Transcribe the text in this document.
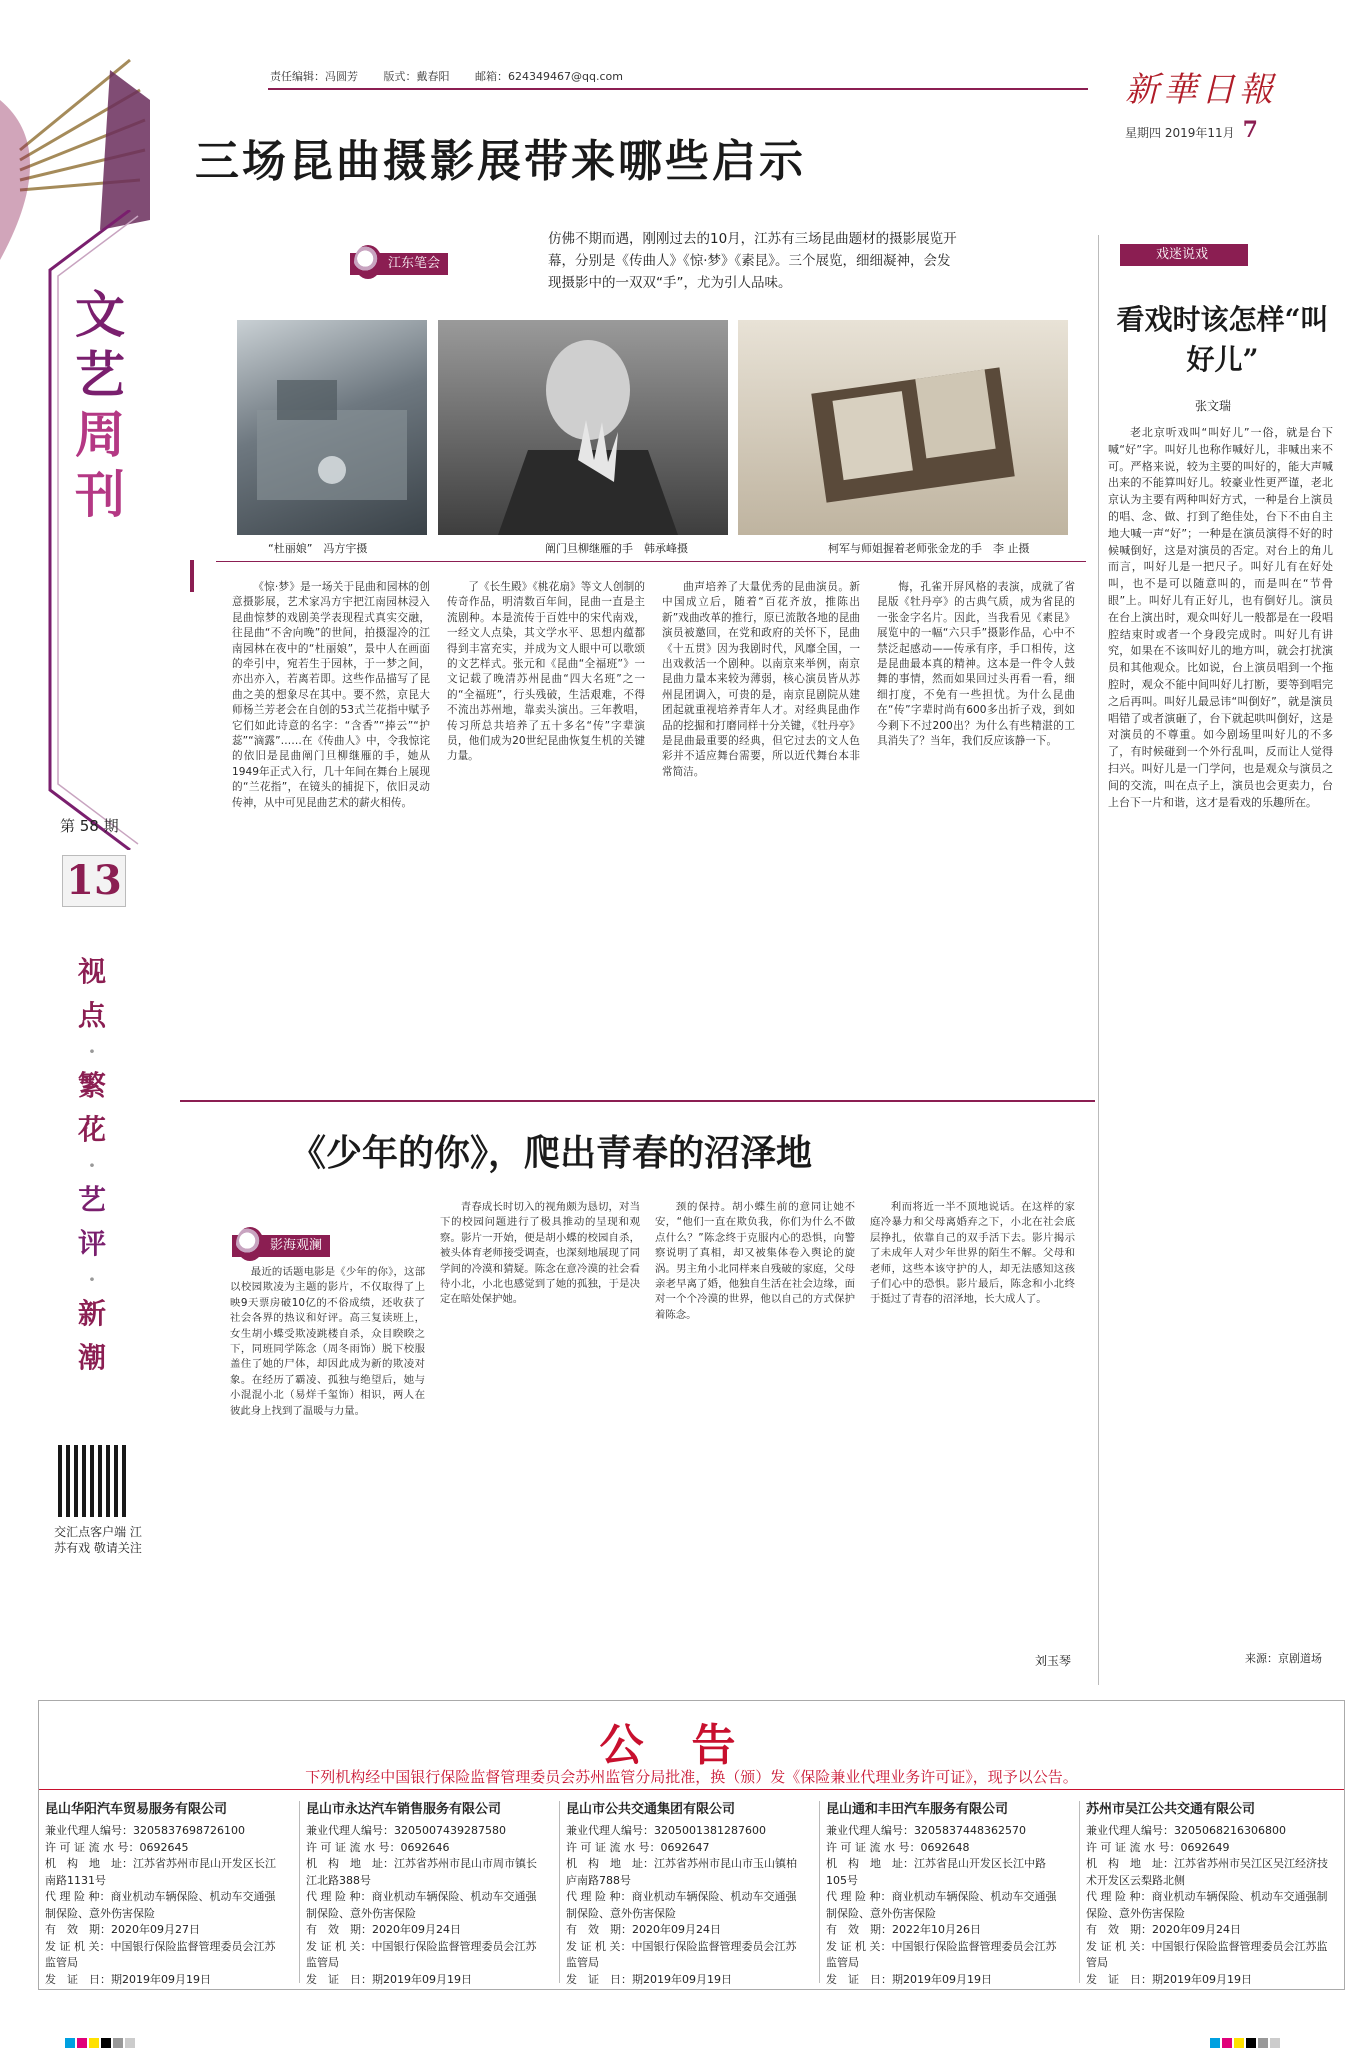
责任编辑：冯圆芳 版式：戴春阳 邮箱：624349467@qq.com	新華日報
星期四 2019年11月 7
文
艺
周
刊
第 58 期
13
视
点
·
繁
花
·
艺
评
·
新
潮
交汇点客户端 江苏有戏 敬请关注
三场昆曲摄影展带来哪些启示
江东笔会
仿佛不期而遇，刚刚过去的10月，江苏有三场昆曲题材的摄影展览开幕，分别是《传曲人》《惊·梦》《素昆》。三个展览，细细凝神，会发现摄影中的一双双“手”，尤为引人品味。
“杜丽娘”　冯方宇摄	阐门旦柳继雁的手　韩承峰摄	柯军与师姐握着老师张金龙的手　李 止摄

《惊·梦》是一场关于昆曲和园林的创意摄影展，艺术家冯方宇把江南园林浸入昆曲惊梦的戏剧美学表现程式真实交融，往昆曲“不舍向晚”的世间，拍摄湿冷的江南园林在夜中的“杜丽娘”，景中人在画面的牵引中，宛若生于园林，于一梦之间，亦出亦入，若离若即。这些作品描写了昆曲之美的想象尽在其中。要不然，京昆大师杨兰芳老会在自创的53式兰花指中赋予它们如此诗意的名字：“含香”“捧云”“护蕊”“滴露”……在《传曲人》中，令我惊诧的依旧是昆曲阐门旦柳继雁的手，她从1949年正式入行，几十年间在舞台上展现的“兰花指”，在镜头的捕捉下，依旧灵动传神，从中可见昆曲艺术的薪火相传。

了《长生殿》《桃花扇》等文人创制的传奇作品，明清数百年间，昆曲一直是主流剧种。本是流传于百姓中的宋代南戏，一经文人点染，其文学水平、思想内蕴都得到丰富充实，并成为文人眼中可以歌颂的文艺样式。张元和《昆曲“全福班”》一文记载了晚清苏州昆曲“四大名班”之一的“全福班”，行头残破，生活艰难，不得不流出苏州地，靠卖头演出。三年教唱，传习所总共培养了五十多名“传”字辈演员，他们成为20世纪昆曲恢复生机的关键力量。

曲声培养了大量优秀的昆曲演员。新中国成立后，随着“百花齐放，推陈出新”戏曲改革的推行，原已流散各地的昆曲演员被邀回，在党和政府的关怀下，昆曲《十五贯》因为我剧时代，风靡全国，一出戏救活一个剧种。以南京来举例，南京昆曲力量本来较为薄弱，核心演员皆从苏州昆团调入，可贵的是，南京昆剧院从建团起就重视培养青年人才。对经典昆曲作品的挖掘和打磨同样十分关键，《牡丹亭》是昆曲最重要的经典，但它过去的文人色彩并不适应舞台需要，所以近代舞台本非常简洁。

悔，孔雀开屏风格的表演，成就了省昆版《牡丹亭》的古典气质，成为省昆的一张金字名片。因此，当我看见《素昆》展览中的一幅“六只手”摄影作品，心中不禁泛起感动——传承有序，手口相传，这是昆曲最本真的精神。这本是一件令人鼓舞的事情，然而如果回过头再看一看，细细打度，不免有一些担忧。为什么昆曲在“传”字辈时尚有600多出折子戏，到如今剩下不过200出？为什么有些精湛的工具消失了？当年，我们反应该静一下。

《少年的你》，爬出青春的沼泽地
影海观澜

最近的话题电影是《少年的你》，这部以校园欺凌为主题的影片，不仅取得了上映9天票房破10亿的不俗成绩，还收获了社会各界的热议和好评。高三复读班上，女生胡小蝶受欺凌跳楼自杀，众目睽睽之下，同班同学陈念（周冬雨饰）脱下校服盖住了她的尸体，却因此成为新的欺凌对象。在经历了霸凌、孤独与绝望后，她与小混混小北（易烊千玺饰）相识，两人在彼此身上找到了温暖与力量。

青春成长时切入的视角颇为恳切，对当下的校园问题进行了极具推动的呈现和观察。影片一开始，便是胡小蝶的校园自杀，被头体育老师接受调查，也深刻地展现了同学间的冷漠和猜疑。陈念在意冷漠的社会看待小北，小北也感觉到了她的孤独，于是决定在暗处保护她。

颈的保持。胡小蝶生前的意同让她不安，“他们一直在欺负我，你们为什么不做点什么？”陈念终于克服内心的恐惧，向警察说明了真相，却又被集体卷入舆论的旋涡。男主角小北同样来自残破的家庭，父母亲老早离了婚，他独自生活在社会边缘，面对一个个冷漠的世界，他以自己的方式保护着陈念。

利而将近一半不顶地说话。在这样的家庭冷暴力和父母离婚弃之下，小北在社会底层挣扎，依靠自己的双手活下去。影片揭示了未成年人对少年世界的陌生不解。父母和老师，这些本该守护的人，却无法感知这孩子们心中的恐惧。影片最后，陈念和小北终于挺过了青春的沼泽地，长大成人了。

刘玉琴
戏迷说戏
看戏时该怎样“叫好儿”
张文瑞

老北京听戏叫“叫好儿”一俗，就是台下喊“好”字。叫好儿也称作喊好儿，非喊出来不可。严格来说，较为主要的叫好的，能大声喊出来的不能算叫好儿。较豪业性更严谨，老北京认为主要有两种叫好方式，一种是台上演员的唱、念、做、打到了绝佳处，台下不由自主地大喊一声“好”；一种是在演员演得不好的时候喊倒好，这是对演员的否定。对台上的角儿而言，叫好儿是一把尺子。叫好儿有在好处叫，也不是可以随意叫的，而是叫在“节骨眼”上。叫好儿有正好儿，也有倒好儿。演员在台上演出时，观众叫好儿一般都是在一段唱腔结束时或者一个身段完成时。叫好儿有讲究，如果在不该叫好儿的地方叫，就会打扰演员和其他观众。比如说，台上演员唱到一个拖腔时，观众不能中间叫好儿打断，要等到唱完之后再叫。叫好儿最忌讳“叫倒好”，就是演员唱错了或者演砸了，台下就起哄叫倒好，这是对演员的不尊重。如今剧场里叫好儿的不多了，有时候碰到一个外行乱叫，反而让人觉得扫兴。叫好儿是一门学问，也是观众与演员之间的交流，叫在点子上，演员也会更卖力，台上台下一片和谐，这才是看戏的乐趣所在。

来源：京剧道场
公告
下列机构经中国银行保险监督管理委员会苏州监管分局批准，换（颁）发《保险兼业代理业务许可证》，现予以公告。
昆山华阳汽车贸易服务有限公司
兼业代理人编号：3205837698726100
许 可 证 流 水 号：0692645
机　构　地　址：江苏省苏州市昆山开发区长江南路1131号
代 理 险 种：商业机动车辆保险、机动车交通强制保险、意外伤害保险
有　效　期：2020年09月27日
发 证 机 关：中国银行保险监督管理委员会江苏监管局
发　证　日：期2019年09月19日
昆山市永达汽车销售服务有限公司
兼业代理人编号：3205007439287580
许 可 证 流 水 号：0692646
机　构　地　址：江苏省苏州市昆山市周市镇长江北路388号
代 理 险 种：商业机动车辆保险、机动车交通强制保险、意外伤害保险
有　效　期：2020年09月24日
发 证 机 关：中国银行保险监督管理委员会江苏监管局
发　证　日：期2019年09月19日
昆山市公共交通集团有限公司
兼业代理人编号：3205001381287600
许 可 证 流 水 号：0692647
机　构　地　址：江苏省苏州市昆山市玉山镇柏庐南路788号
代 理 险 种：商业机动车辆保险、机动车交通强制保险、意外伤害保险
有　效　期：2020年09月24日
发 证 机 关：中国银行保险监督管理委员会江苏监管局
发　证　日：期2019年09月19日
昆山通和丰田汽车服务有限公司
兼业代理人编号：3205837448362570
许 可 证 流 水 号：0692648
机　构　地　址：江苏省昆山开发区长江中路105号
代 理 险 种：商业机动车辆保险、机动车交通强制保险、意外伤害保险
有　效　期：2022年10月26日
发 证 机 关：中国银行保险监督管理委员会江苏监管局
发　证　日：期2019年09月19日
苏州市吴江公共交通有限公司
兼业代理人编号：3205068216306800
许 可 证 流 水 号：0692649
机　构　地　址：江苏省苏州市吴江区吴江经济技术开发区云梨路北侧
代 理 险 种：商业机动车辆保险、机动车交通强制保险、意外伤害保险
有　效　期：2020年09月24日
发 证 机 关：中国银行保险监督管理委员会江苏监管局
发　证　日：期2019年09月19日
